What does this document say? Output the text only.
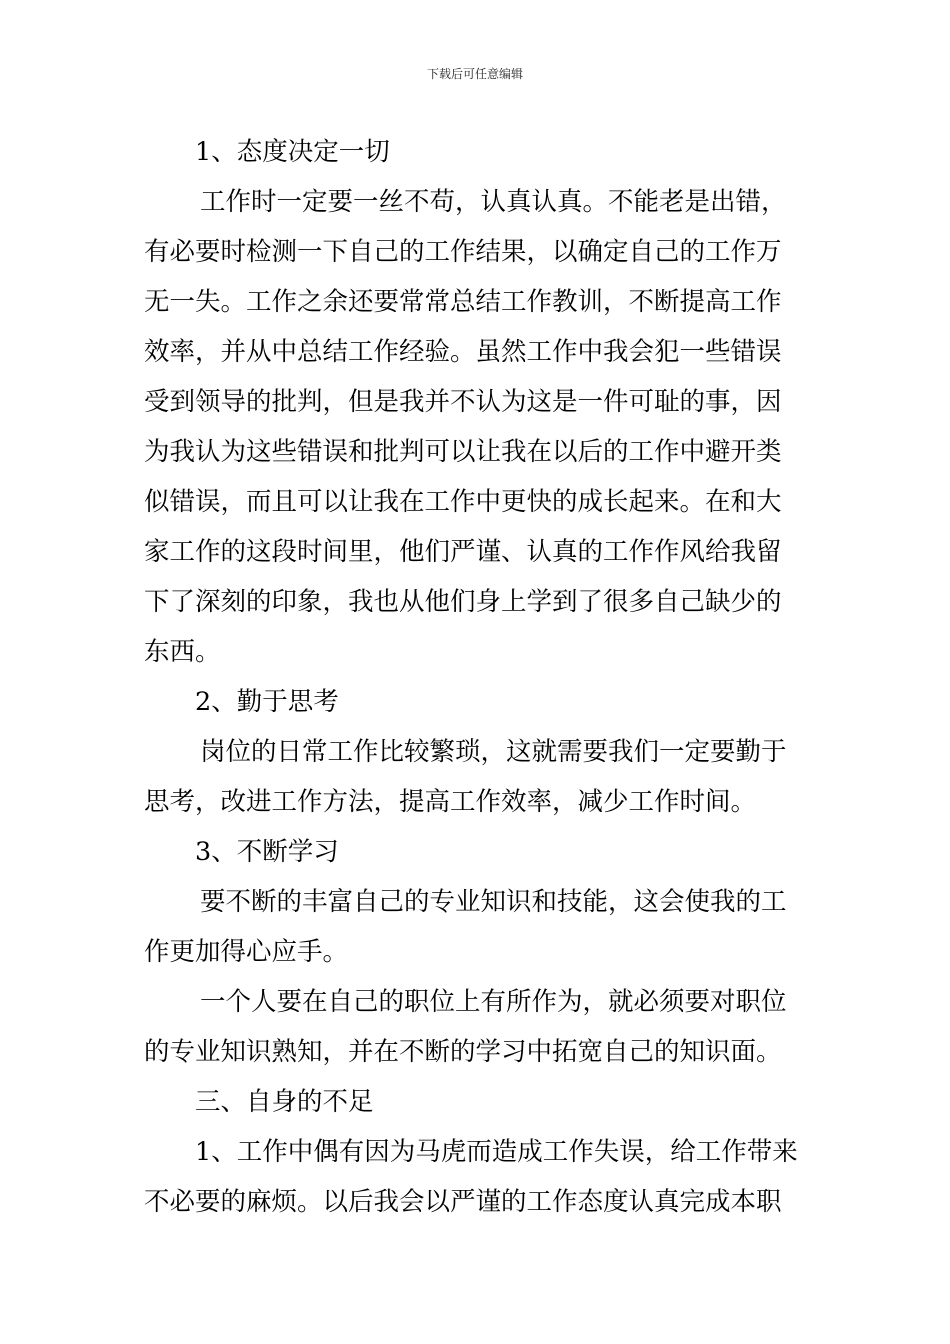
下载后可任意编辑
1、态度决定一切
工作时一定要一丝不苟，认真认真。不能老是出错，
有必要时检测一下自己的工作结果，以确定自己的工作万
无一失。工作之余还要常常总结工作教训，不断提高工作
效率，并从中总结工作经验。虽然工作中我会犯一些错误
受到领导的批判，但是我并不认为这是一件可耻的事，因
为我认为这些错误和批判可以让我在以后的工作中避开类
似错误，而且可以让我在工作中更快的成长起来。在和大
家工作的这段时间里，他们严谨、认真的工作作风给我留
下了深刻的印象，我也从他们身上学到了很多自己缺少的
东西。
2、勤于思考
岗位的日常工作比较繁琐，这就需要我们一定要勤于
思考，改进工作方法，提高工作效率，减少工作时间。
3、不断学习
要不断的丰富自己的专业知识和技能，这会使我的工
作更加得心应手。
一个人要在自己的职位上有所作为，就必须要对职位
的专业知识熟知，并在不断的学习中拓宽自己的知识面。
三、自身的不足
1、工作中偶有因为马虎而造成工作失误，给工作带来
不必要的麻烦。以后我会以严谨的工作态度认真完成本职
